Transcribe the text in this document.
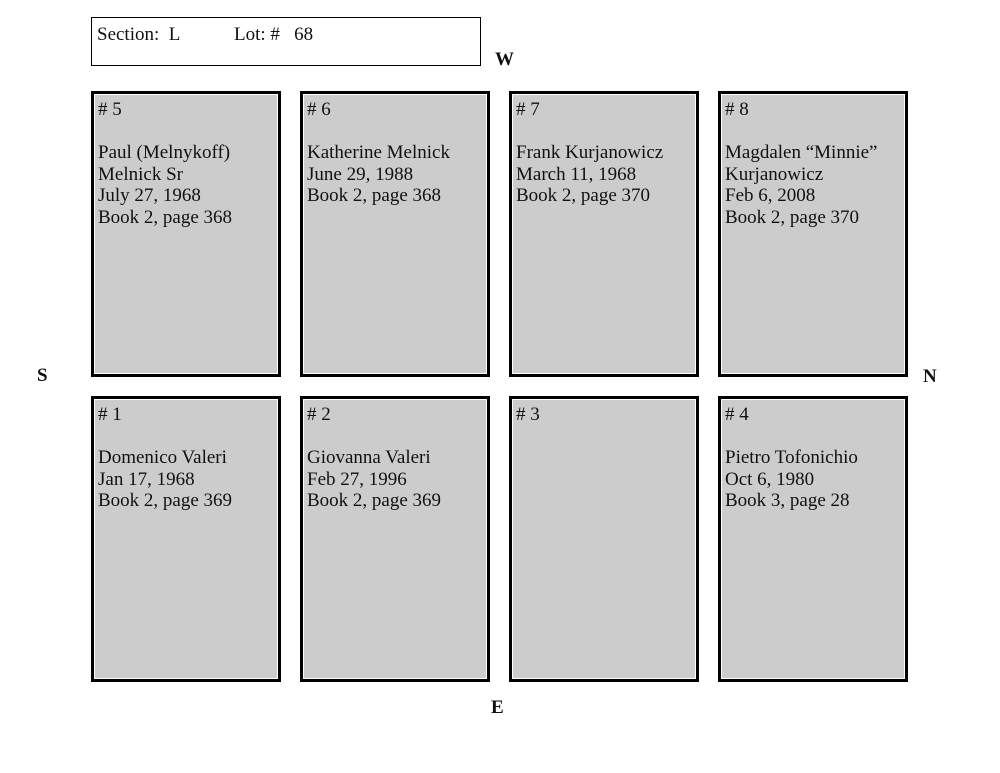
Section:  L	Lot: #   68
W
E
S	N
# 5
Paul (Melnykoff)
Melnick Sr
July 27, 1968
Book 2, page 368
# 6
Katherine Melnick
June 29, 1988
Book 2, page 368
# 7
Frank Kurjanowicz
March 11, 1968
Book 2, page 370
# 8
Magdalen “Minnie”
Kurjanowicz
Feb 6, 2008
Book 2, page 370
# 1
Domenico Valeri
Jan 17, 1968
Book 2, page 369
# 2
Giovanna Valeri
Feb 27, 1996
Book 2, page 369
# 3	# 4
Pietro Tofonichio
Oct 6, 1980
Book 3, page 28
